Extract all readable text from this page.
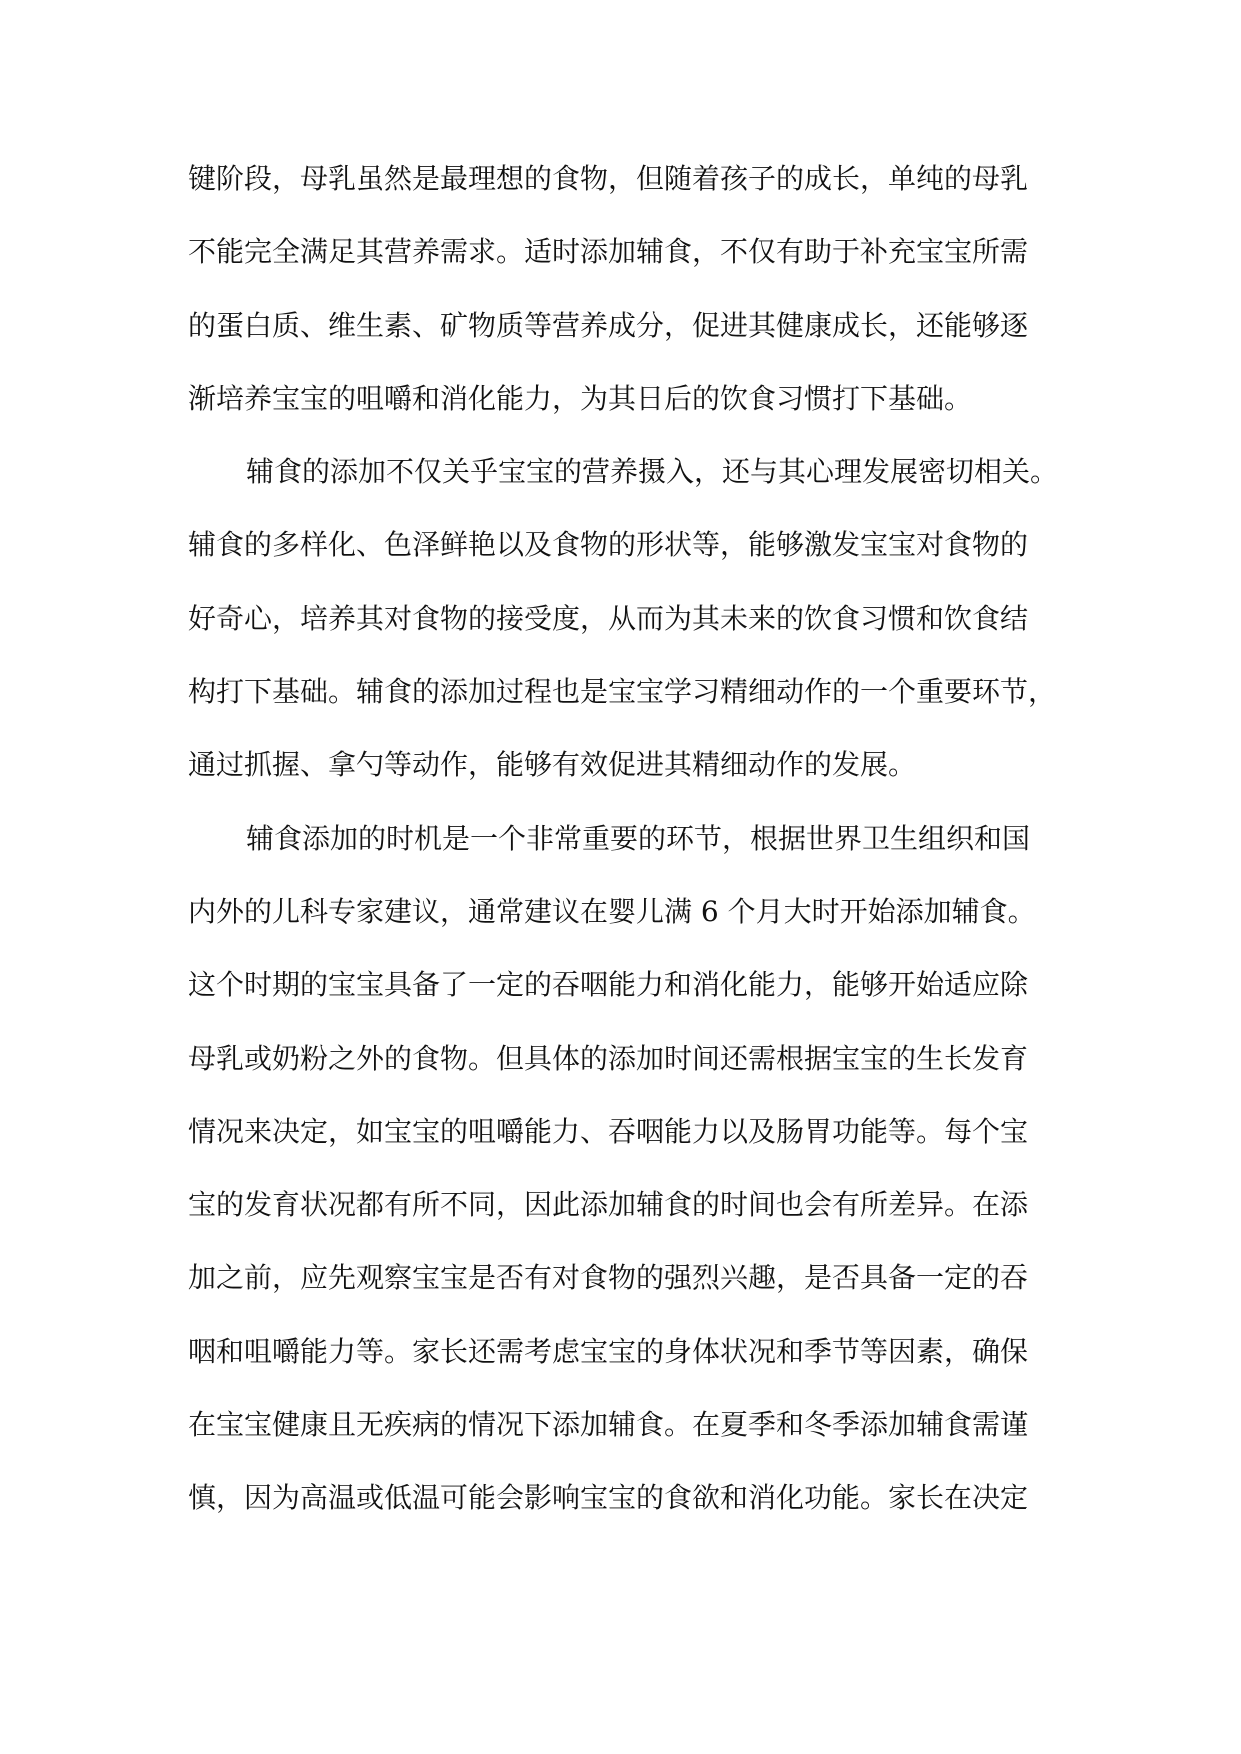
键阶段，母乳虽然是最理想的食物，但随着孩子的成长，单纯的母乳
不能完全满足其营养需求。适时添加辅食，不仅有助于补充宝宝所需
的蛋白质、维生素、矿物质等营养成分，促进其健康成长，还能够逐
渐培养宝宝的咀嚼和消化能力，为其日后的饮食习惯打下基础。
辅食的添加不仅关乎宝宝的营养摄入，还与其心理发展密切相关。
辅食的多样化、色泽鲜艳以及食物的形状等，能够激发宝宝对食物的
好奇心，培养其对食物的接受度，从而为其未来的饮食习惯和饮食结
构打下基础。辅食的添加过程也是宝宝学习精细动作的一个重要环节，
通过抓握、拿勺等动作，能够有效促进其精细动作的发展。
辅食添加的时机是一个非常重要的环节，根据世界卫生组织和国
内外的儿科专家建议，通常建议在婴儿满 6 个月大时开始添加辅食。
这个时期的宝宝具备了一定的吞咽能力和消化能力，能够开始适应除
母乳或奶粉之外的食物。但具体的添加时间还需根据宝宝的生长发育
情况来决定，如宝宝的咀嚼能力、吞咽能力以及肠胃功能等。每个宝
宝的发育状况都有所不同，因此添加辅食的时间也会有所差异。在添
加之前，应先观察宝宝是否有对食物的强烈兴趣，是否具备一定的吞
咽和咀嚼能力等。家长还需考虑宝宝的身体状况和季节等因素，确保
在宝宝健康且无疾病的情况下添加辅食。在夏季和冬季添加辅食需谨
慎，因为高温或低温可能会影响宝宝的食欲和消化功能。家长在决定
